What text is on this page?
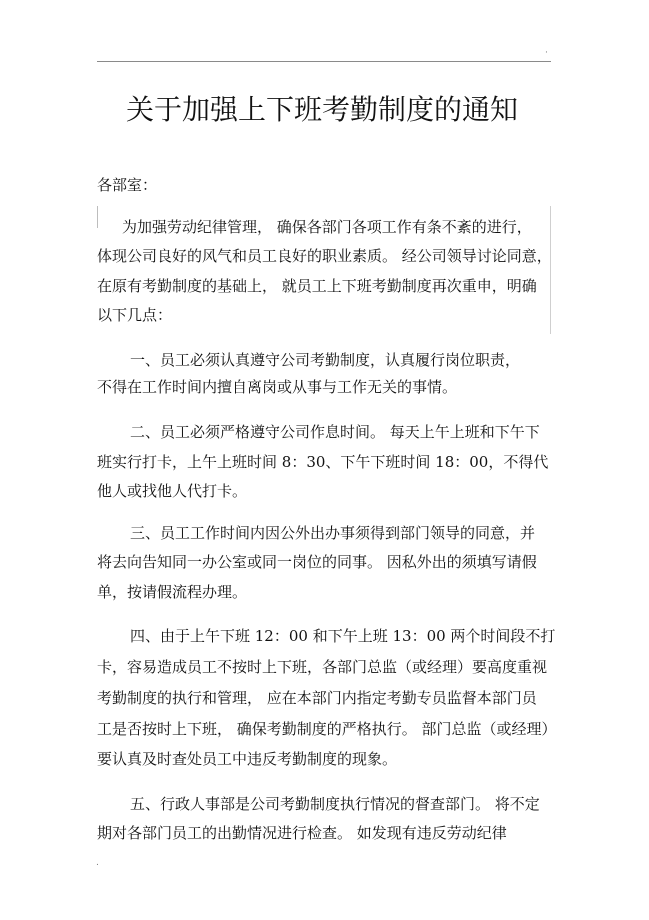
·
关于加强上下班考勤制度的通知
各部室：
为加强劳动纪律管理， 确保各部门各项工作有条不紊的进行，
体现公司良好的风气和员工良好的职业素质。 经公司领导讨论同意，
在原有考勤制度的基础上， 就员工上下班考勤制度再次重申，明确
以下几点：
一、员工必须认真遵守公司考勤制度，认真履行岗位职责，
不得在工作时间内擅自离岗或从事与工作无关的事情。
二、员工必须严格遵守公司作息时间。 每天上午上班和下午下
班实行打卡，上午上班时间 8：30、下午下班时间 18：00，不得代
他人或找他人代打卡。
三、员工工作时间内因公外出办事须得到部门领导的同意，并
将去向告知同一办公室或同一岗位的同事。 因私外出的须填写请假
单，按请假流程办理。
四、由于上午下班 12：00 和下午上班 13：00 两个时间段不打
卡，容易造成员工不按时上下班，各部门总监（或经理）要高度重视
考勤制度的执行和管理， 应在本部门内指定考勤专员监督本部门员
工是否按时上下班， 确保考勤制度的严格执行。 部门总监（或经理）
要认真及时查处员工中违反考勤制度的现象。
五、行政人事部是公司考勤制度执行情况的督查部门。 将不定
期对各部门员工的出勤情况进行检查。 如发现有违反劳动纪律
.
